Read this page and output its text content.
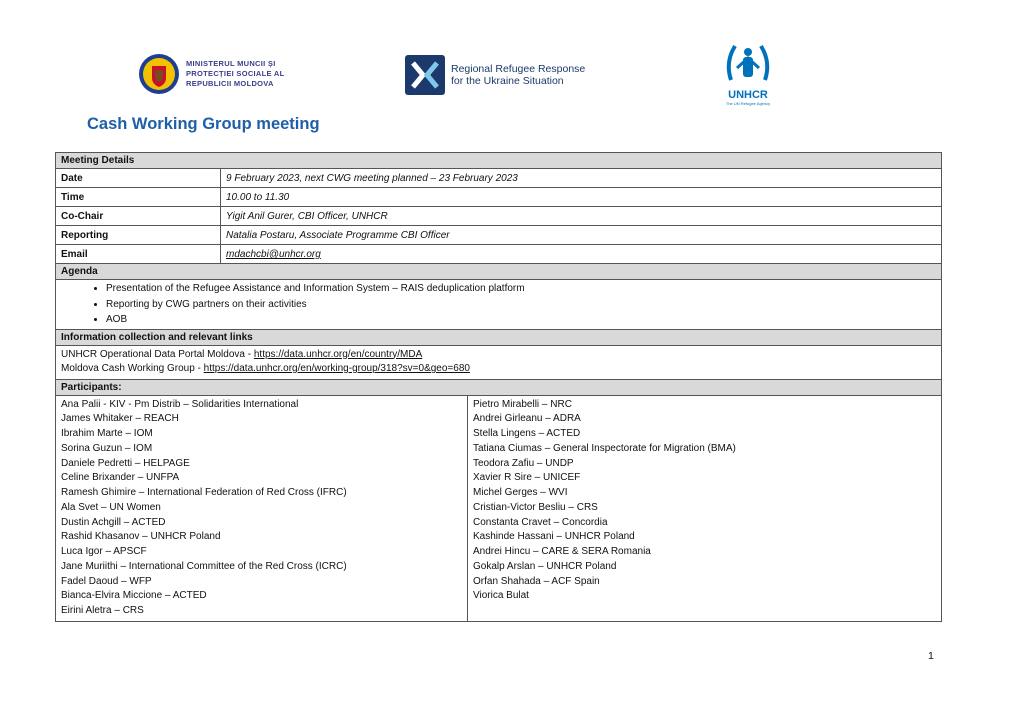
MINISTERUL MUNCII ȘI
PROTECȚIEI SOCIALE AL
REPUBLICII MOLDOVA
Regional Refugee Response
for the Ukraine Situation
UNHCR
The UN Refugee Agency
Cash Working Group meeting
Meeting Details
Date	9 February 2023, next CWG meeting planned – 23 February 2023
Time	10.00 to 11.30
Co-Chair	Yigit Anil Gurer, CBI Officer, UNHCR
Reporting	Natalia Postaru, Associate Programme CBI Officer
Email	mdachcbi@unhcr.org
Agenda
• Presentation of the Refugee Assistance and Information System – RAIS deduplication platform
• Reporting by CWG partners on their activities
• AOB
Information collection and relevant links
UNHCR Operational Data Portal Moldova - https://data.unhcr.org/en/country/MDA
Moldova Cash Working Group - https://data.unhcr.org/en/working-group/318?sv=0&geo=680
Participants:
Ana Palii - KIV - Pm Distrib – Solidarities International
James Whitaker – REACH
Ibrahim Marte – IOM
Sorina Guzun – IOM
Daniele Pedretti – HELPAGE
Celine Brixander – UNFPA
Ramesh Ghimire – International Federation of Red Cross (IFRC)
Ala Svet – UN Women
Dustin Achgill – ACTED
Rashid Khasanov – UNHCR Poland
Luca Igor – APSCF
Jane Muriithi – International Committee of the Red Cross (ICRC)
Fadel Daoud – WFP
Bianca-Elvira Miccione – ACTED
Eirini Aletra – CRS
Pietro Mirabelli – NRC
Andrei Girleanu – ADRA
Stella Lingens – ACTED
Tatiana Ciumas – General Inspectorate for Migration (BMA)
Teodora Zafiu – UNDP
Xavier R Sire – UNICEF
Michel Gerges – WVI
Cristian-Victor Besliu – CRS
Constanta Cravet – Concordia
Kashinde Hassani – UNHCR Poland
Andrei Hincu – CARE & SERA Romania
Gokalp Arslan – UNHCR Poland
Orfan Shahada – ACF Spain
Viorica Bulat
1
